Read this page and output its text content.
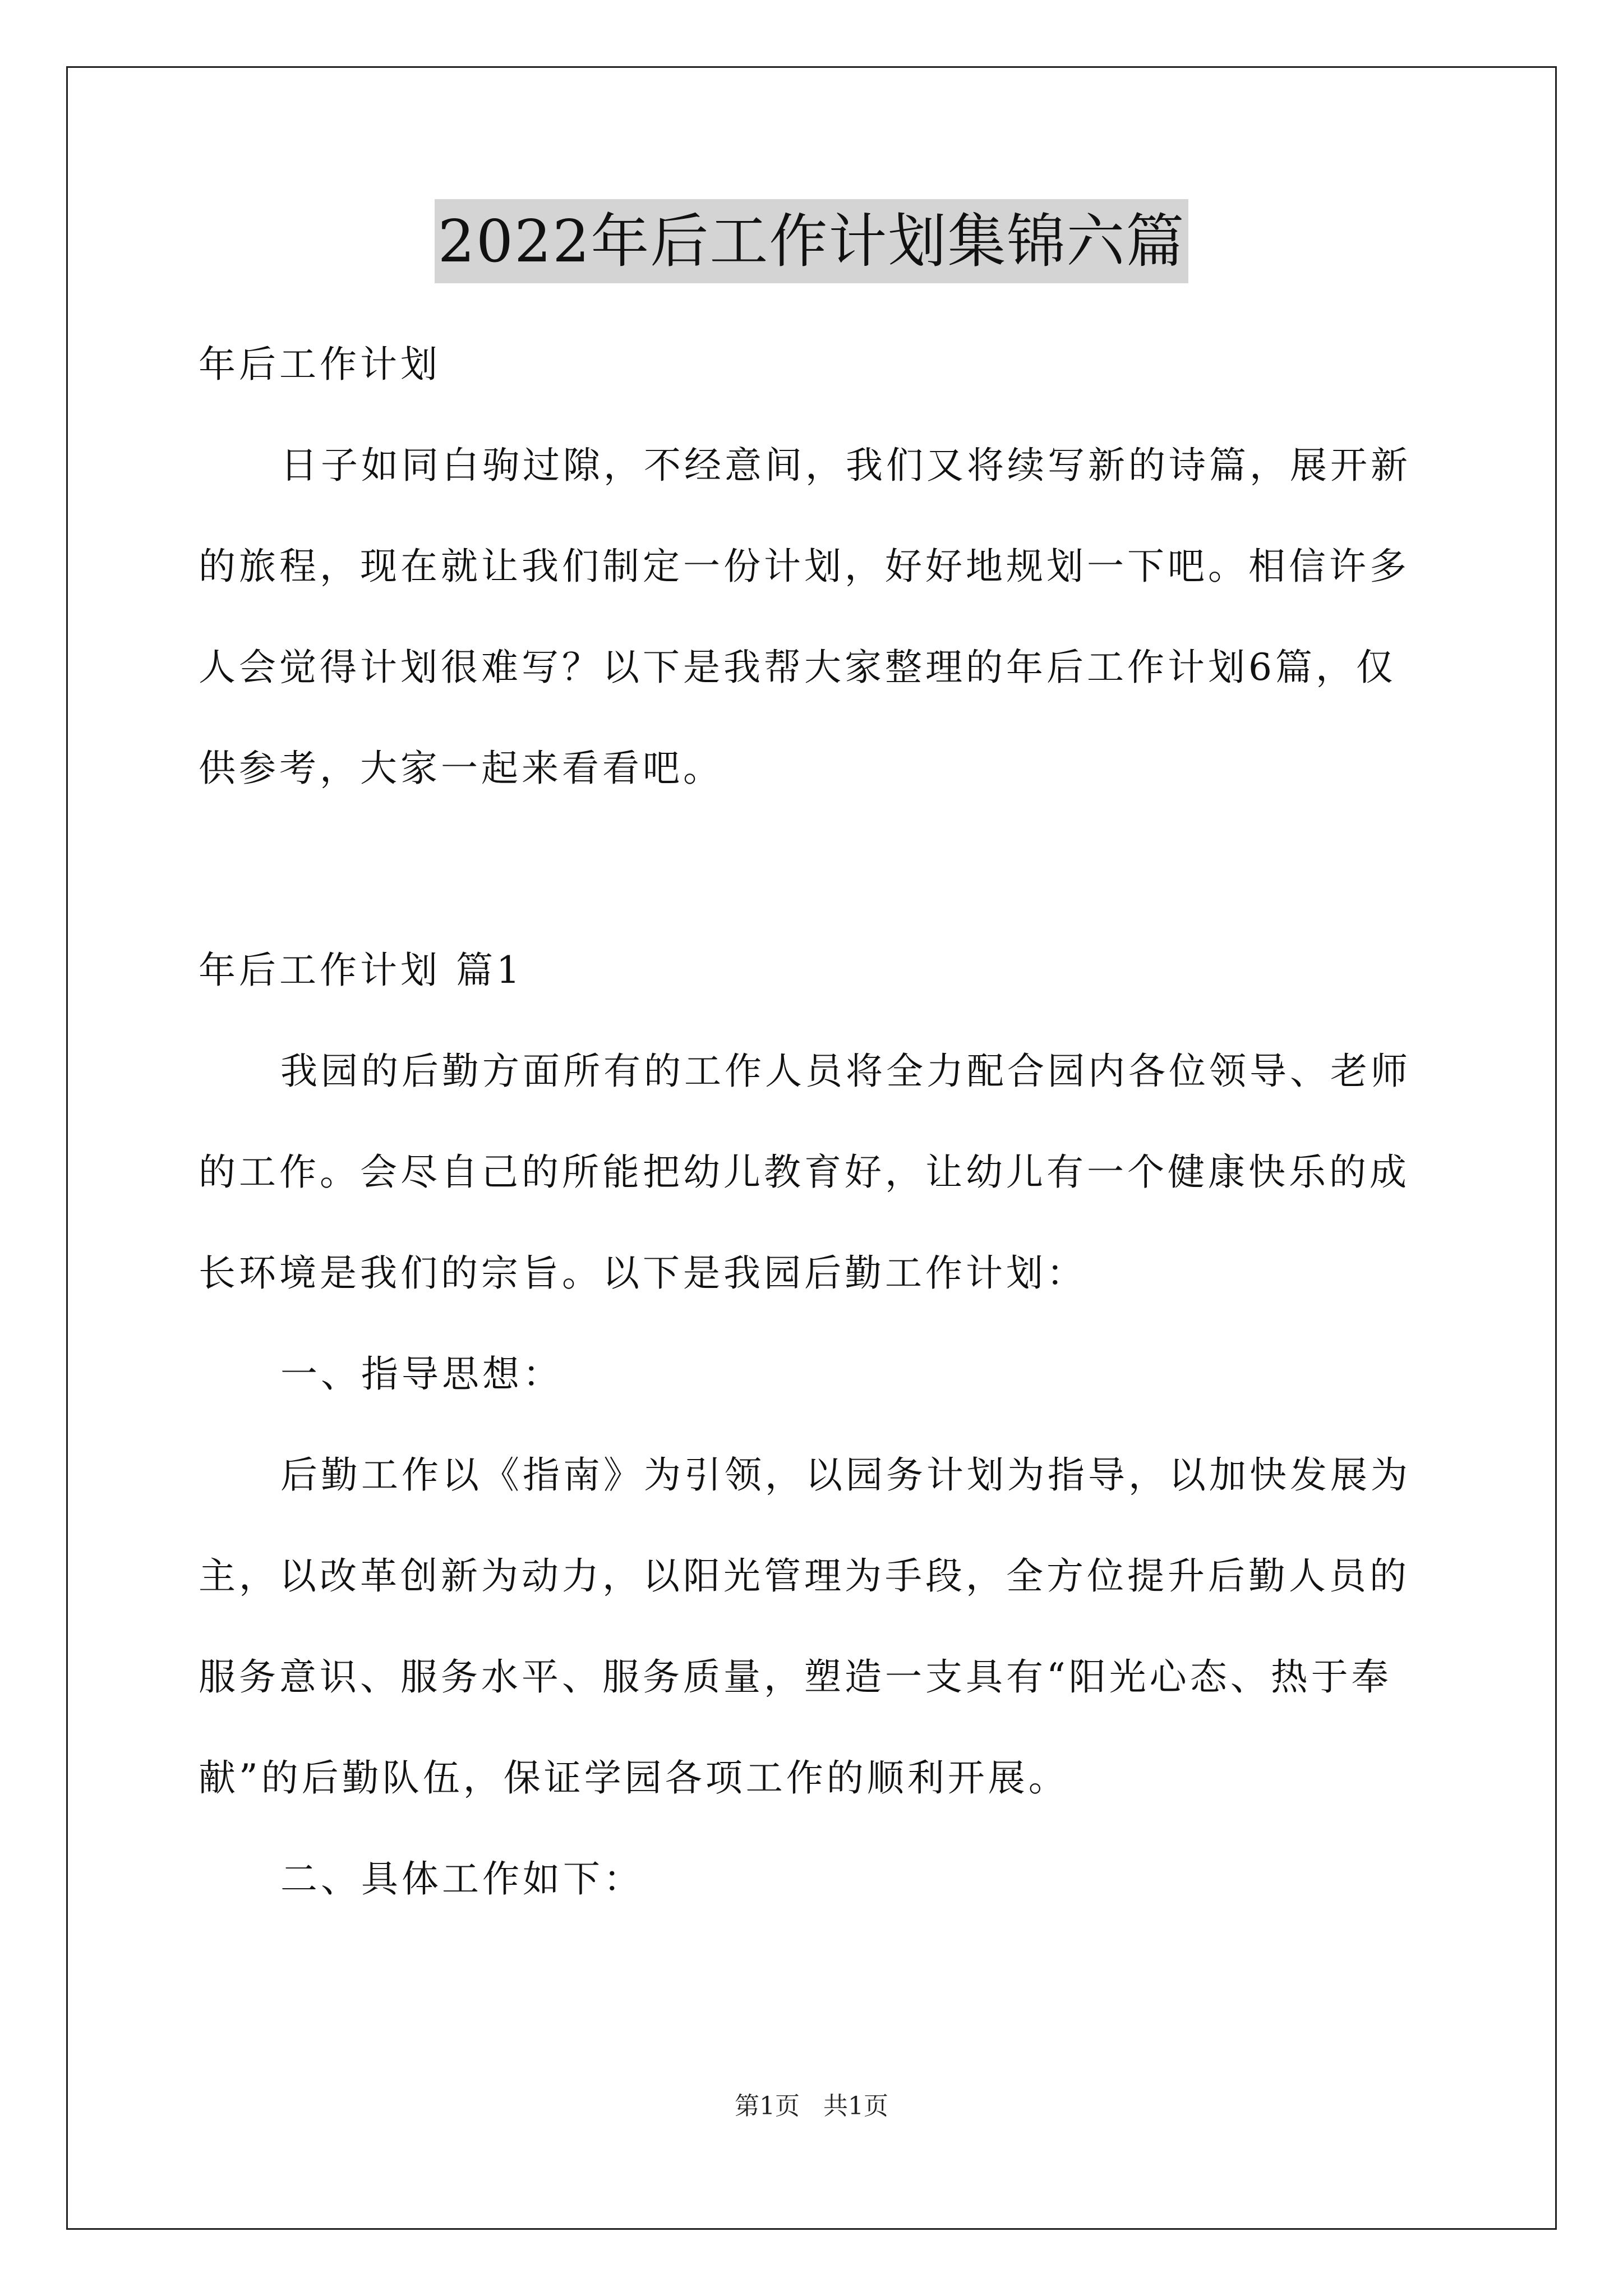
2022年后工作计划集锦六篇

年后工作计划

日子如同白驹过隙，不经意间，我们又将续写新的诗篇，展开新的旅程，现在就让我们制定一份计划，好好地规划一下吧。相信许多人会觉得计划很难写？以下是我帮大家整理的年后工作计划6篇，仅供参考，大家一起来看看吧。

年后工作计划 篇1

我园的后勤方面所有的工作人员将全力配合园内各位领导、老师的工作。会尽自己的所能把幼儿教育好，让幼儿有一个健康快乐的成长环境是我们的宗旨。以下是我园后勤工作计划：

一、指导思想：

后勤工作以《指南》为引领，以园务计划为指导，以加快发展为主，以改革创新为动力，以阳光管理为手段，全方位提升后勤人员的服务意识、服务水平、服务质量，塑造一支具有“阳光心态、热于奉献”的后勤队伍，保证学园各项工作的顺利开展。

二、具体工作如下：

第1页 共1页
